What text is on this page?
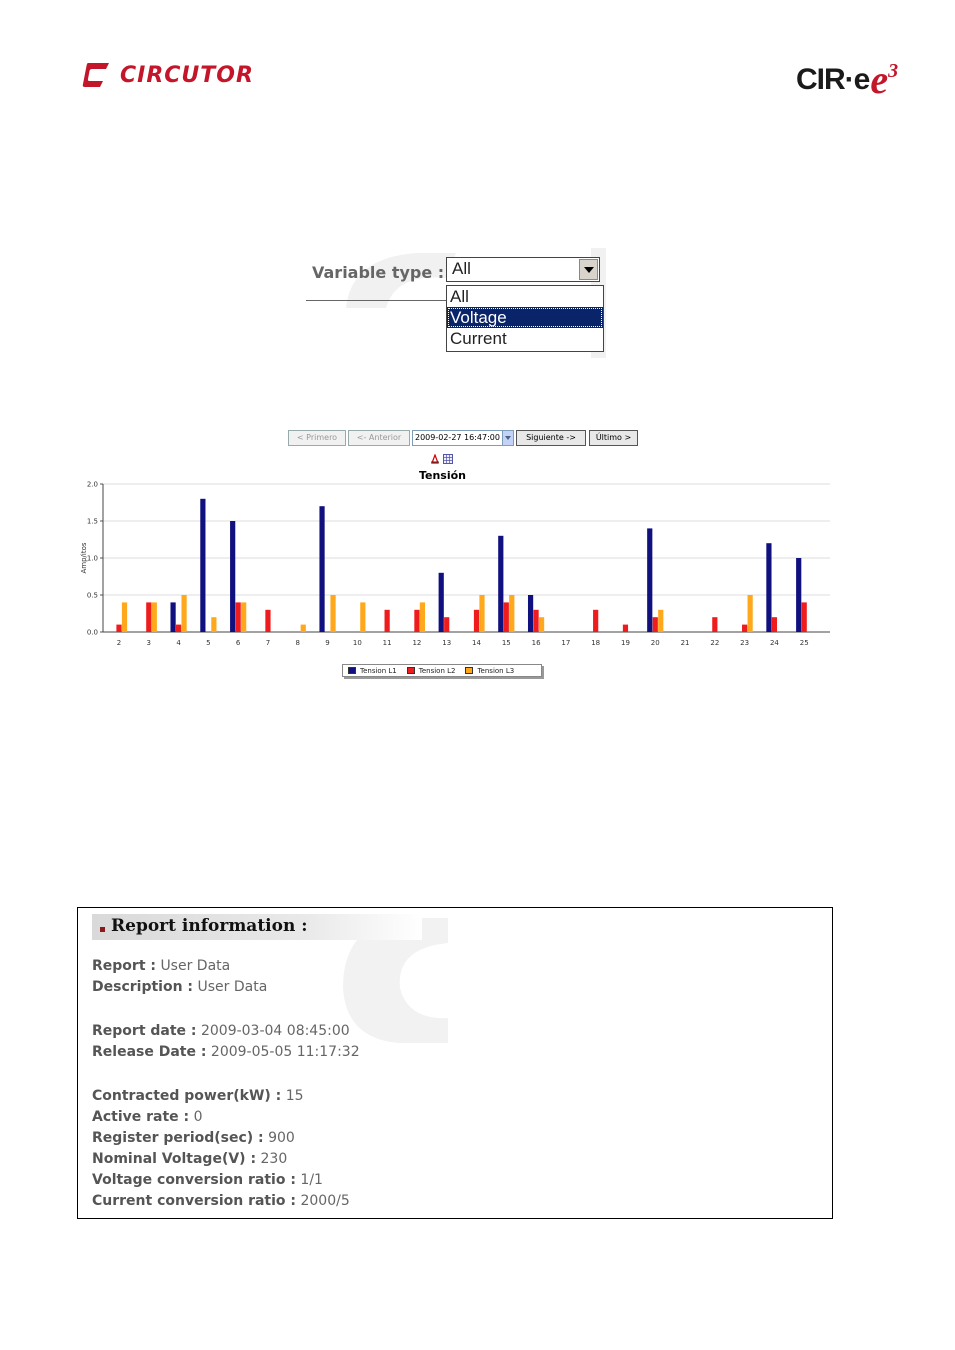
CIRCUTOR	CIR·e e 3
Variable type : All
All
Voltage
Current
< Primero	<- Anterior	2009-02-27 16:47:00	Siguiente ->	Último >
Tensión
0.0
0.5
1.0
1.5
2.0
Amp/itos
2	3	4	5	6	7	8	9	10	11	12	13	14	15	16	17	18	19	20	21	22	23	24	25
Tension L1	Tension L2	Tension L3
Report information :
Report : User Data
Description : User Data
Report date : 2009-03-04 08:45:00
Release Date : 2009-05-05 11:17:32
Contracted power(kW) : 15
Active rate : 0
Register period(sec) : 900
Nominal Voltage(V) : 230
Voltage conversion ratio : 1/1
Current conversion ratio : 2000/5
